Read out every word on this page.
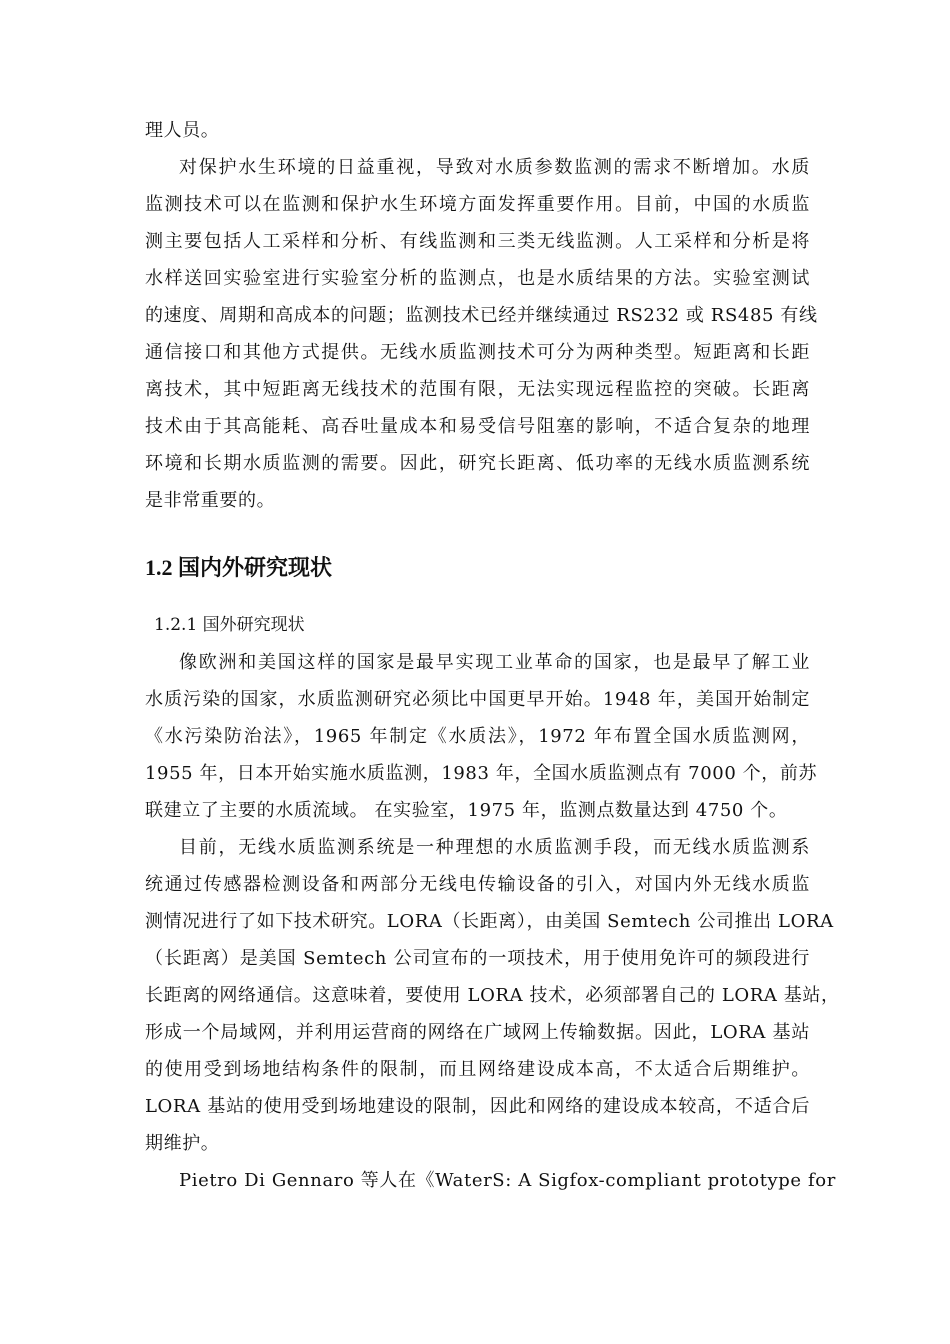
理人员。
对保护水生环境的日益重视，导致对水质参数监测的需求不断增加。水质
监测技术可以在监测和保护水生环境方面发挥重要作用。目前，中国的水质监
测主要包括人工采样和分析、有线监测和三类无线监测。人工采样和分析是将
水样送回实验室进行实验室分析的监测点，也是水质结果的方法。实验室测试
的速度、周期和高成本的问题；监测技术已经并继续通过 RS232 或 RS485 有线
通信接口和其他方式提供。无线水质监测技术可分为两种类型。短距离和长距
离技术，其中短距离无线技术的范围有限，无法实现远程监控的突破。长距离
技术由于其高能耗、高吞吐量成本和易受信号阻塞的影响，不适合复杂的地理
环境和长期水质监测的需要。因此，研究长距离、低功率的无线水质监测系统
是非常重要的。
1.2 国内外研究现状
1.2.1 国外研究现状
像欧洲和美国这样的国家是最早实现工业革命的国家，也是最早了解工业
水质污染的国家，水质监测研究必须比中国更早开始。1948 年，美国开始制定
《水污染防治法》，1965 年制定《水质法》，1972 年布置全国水质监测网，
1955 年，日本开始实施水质监测，1983 年，全国水质监测点有 7000 个，前苏
联建立了主要的水质流域。 在实验室，1975 年，监测点数量达到 4750 个。
目前，无线水质监测系统是一种理想的水质监测手段，而无线水质监测系
统通过传感器检测设备和两部分无线电传输设备的引入，对国内外无线水质监
测情况进行了如下技术研究。LORA（长距离），由美国 Semtech 公司推出 LORA
（长距离）是美国 Semtech 公司宣布的一项技术，用于使用免许可的频段进行
长距离的网络通信。这意味着，要使用 LORA 技术，必须部署自己的 LORA 基站，
形成一个局域网，并利用运营商的网络在广域网上传输数据。因此，LORA 基站
的使用受到场地结构条件的限制，而且网络建设成本高，不太适合后期维护。
LORA 基站的使用受到场地建设的限制，因此和网络的建设成本较高，不适合后
期维护。
Pietro Di Gennaro 等人在《WaterS: A Sigfox-compliant prototype for
